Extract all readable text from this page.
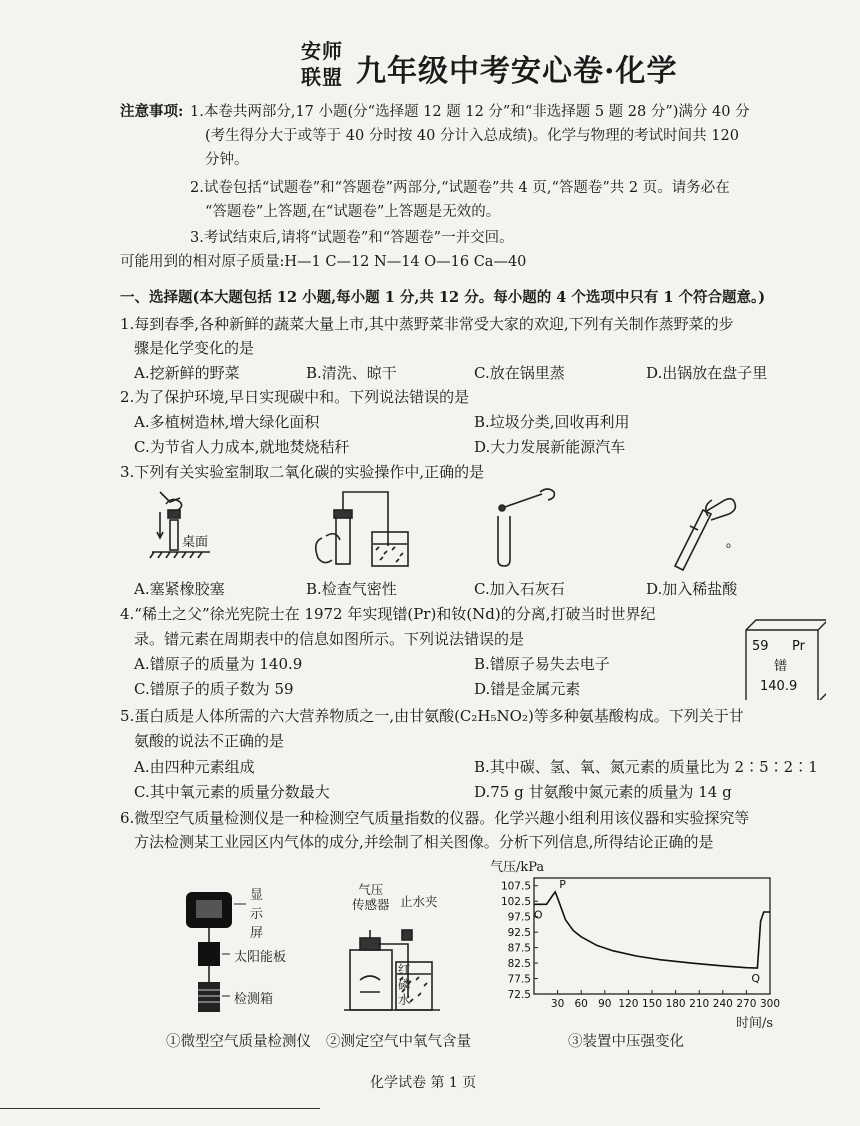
安师
联盟 九年级中考安心卷·化学
注意事项: 1.本卷共两部分,17 小题(分“选择题 12 题 12 分”和“非选择题 5 题 28 分”)满分 40 分
(考生得分大于或等于 40 分时按 40 分计入总成绩)。化学与物理的考试时间共 120
分钟。
2.试卷包括“试题卷”和“答题卷”两部分,“试题卷”共 4 页,“答题卷”共 2 页。请务必在
“答题卷”上答题,在“试题卷”上答题是无效的。
3.考试结束后,请将“试题卷”和“答题卷”一并交回。
可能用到的相对原子质量:H—1 C—12 N—14 O—16 Ca—40
一、选择题(本大题包括 12 小题,每小题 1 分,共 12 分。每小题的 4 个选项中只有 1 个符合题意。)
1.每到春季,各种新鲜的蔬菜大量上市,其中蒸野菜非常受大家的欢迎,下列有关制作蒸野菜的步
骤是化学变化的是
A.挖新鲜的野菜	B.清洗、晾干	C.放在锅里蒸	D.出锅放在盘子里
2.为了保护环境,早日实现碳中和。下列说法错误的是
A.多植树造林,增大绿化面积	B.垃圾分类,回收再利用
C.为节省人力成本,就地焚烧秸秆	D.大力发展新能源汽车
3.下列有关实验室制取二氧化碳的实验操作中,正确的是
桌面	ᴏ
A.塞紧橡胶塞	B.检查气密性	C.加入石灰石	D.加入稀盐酸
4.“稀土之父”徐光宪院士在 1972 年实现镨(Pr)和钕(Nd)的分离,打破当时世界纪
录。镨元素在周期表中的信息如图所示。下列说法错误的是
A.镨原子的质量为 140.9	B.镨原子易失去电子
C.镨原子的质子数为 59	D.镨是金属元素
59 Pr
镨
140.9
5.蛋白质是人体所需的六大营养物质之一,由甘氨酸(C₂H₅NO₂)等多种氨基酸构成。下列关于甘
氨酸的说法不正确的是
A.由四种元素组成	B.其中碳、氢、氧、氮元素的质量比为 2∶5∶2∶1
C.其中氧元素的质量分数最大	D.75 g 甘氨酸中氮元素的质量为 14 g
6.微型空气质量检测仪是一种检测空气质量指数的仪器。化学兴趣小组利用该仪器和实验探究等
方法检测某工业园区内气体的成分,并绘制了相关图像。分析下列信息,所得结论正确的是
显
示
屏
太阳能板
检测箱
①微型空气质量检测仪
气压
传感器 止水夹
红
磷
水
②测定空气中氧气含量
气压/kPa
72.5
77.5
82.5
87.5
92.5
97.5
102.5
107.5
30 60 90 120 150 180 210 240 270 300
O
P
Q
时间/s
③装置中压强变化
化学试卷 第 1 页
